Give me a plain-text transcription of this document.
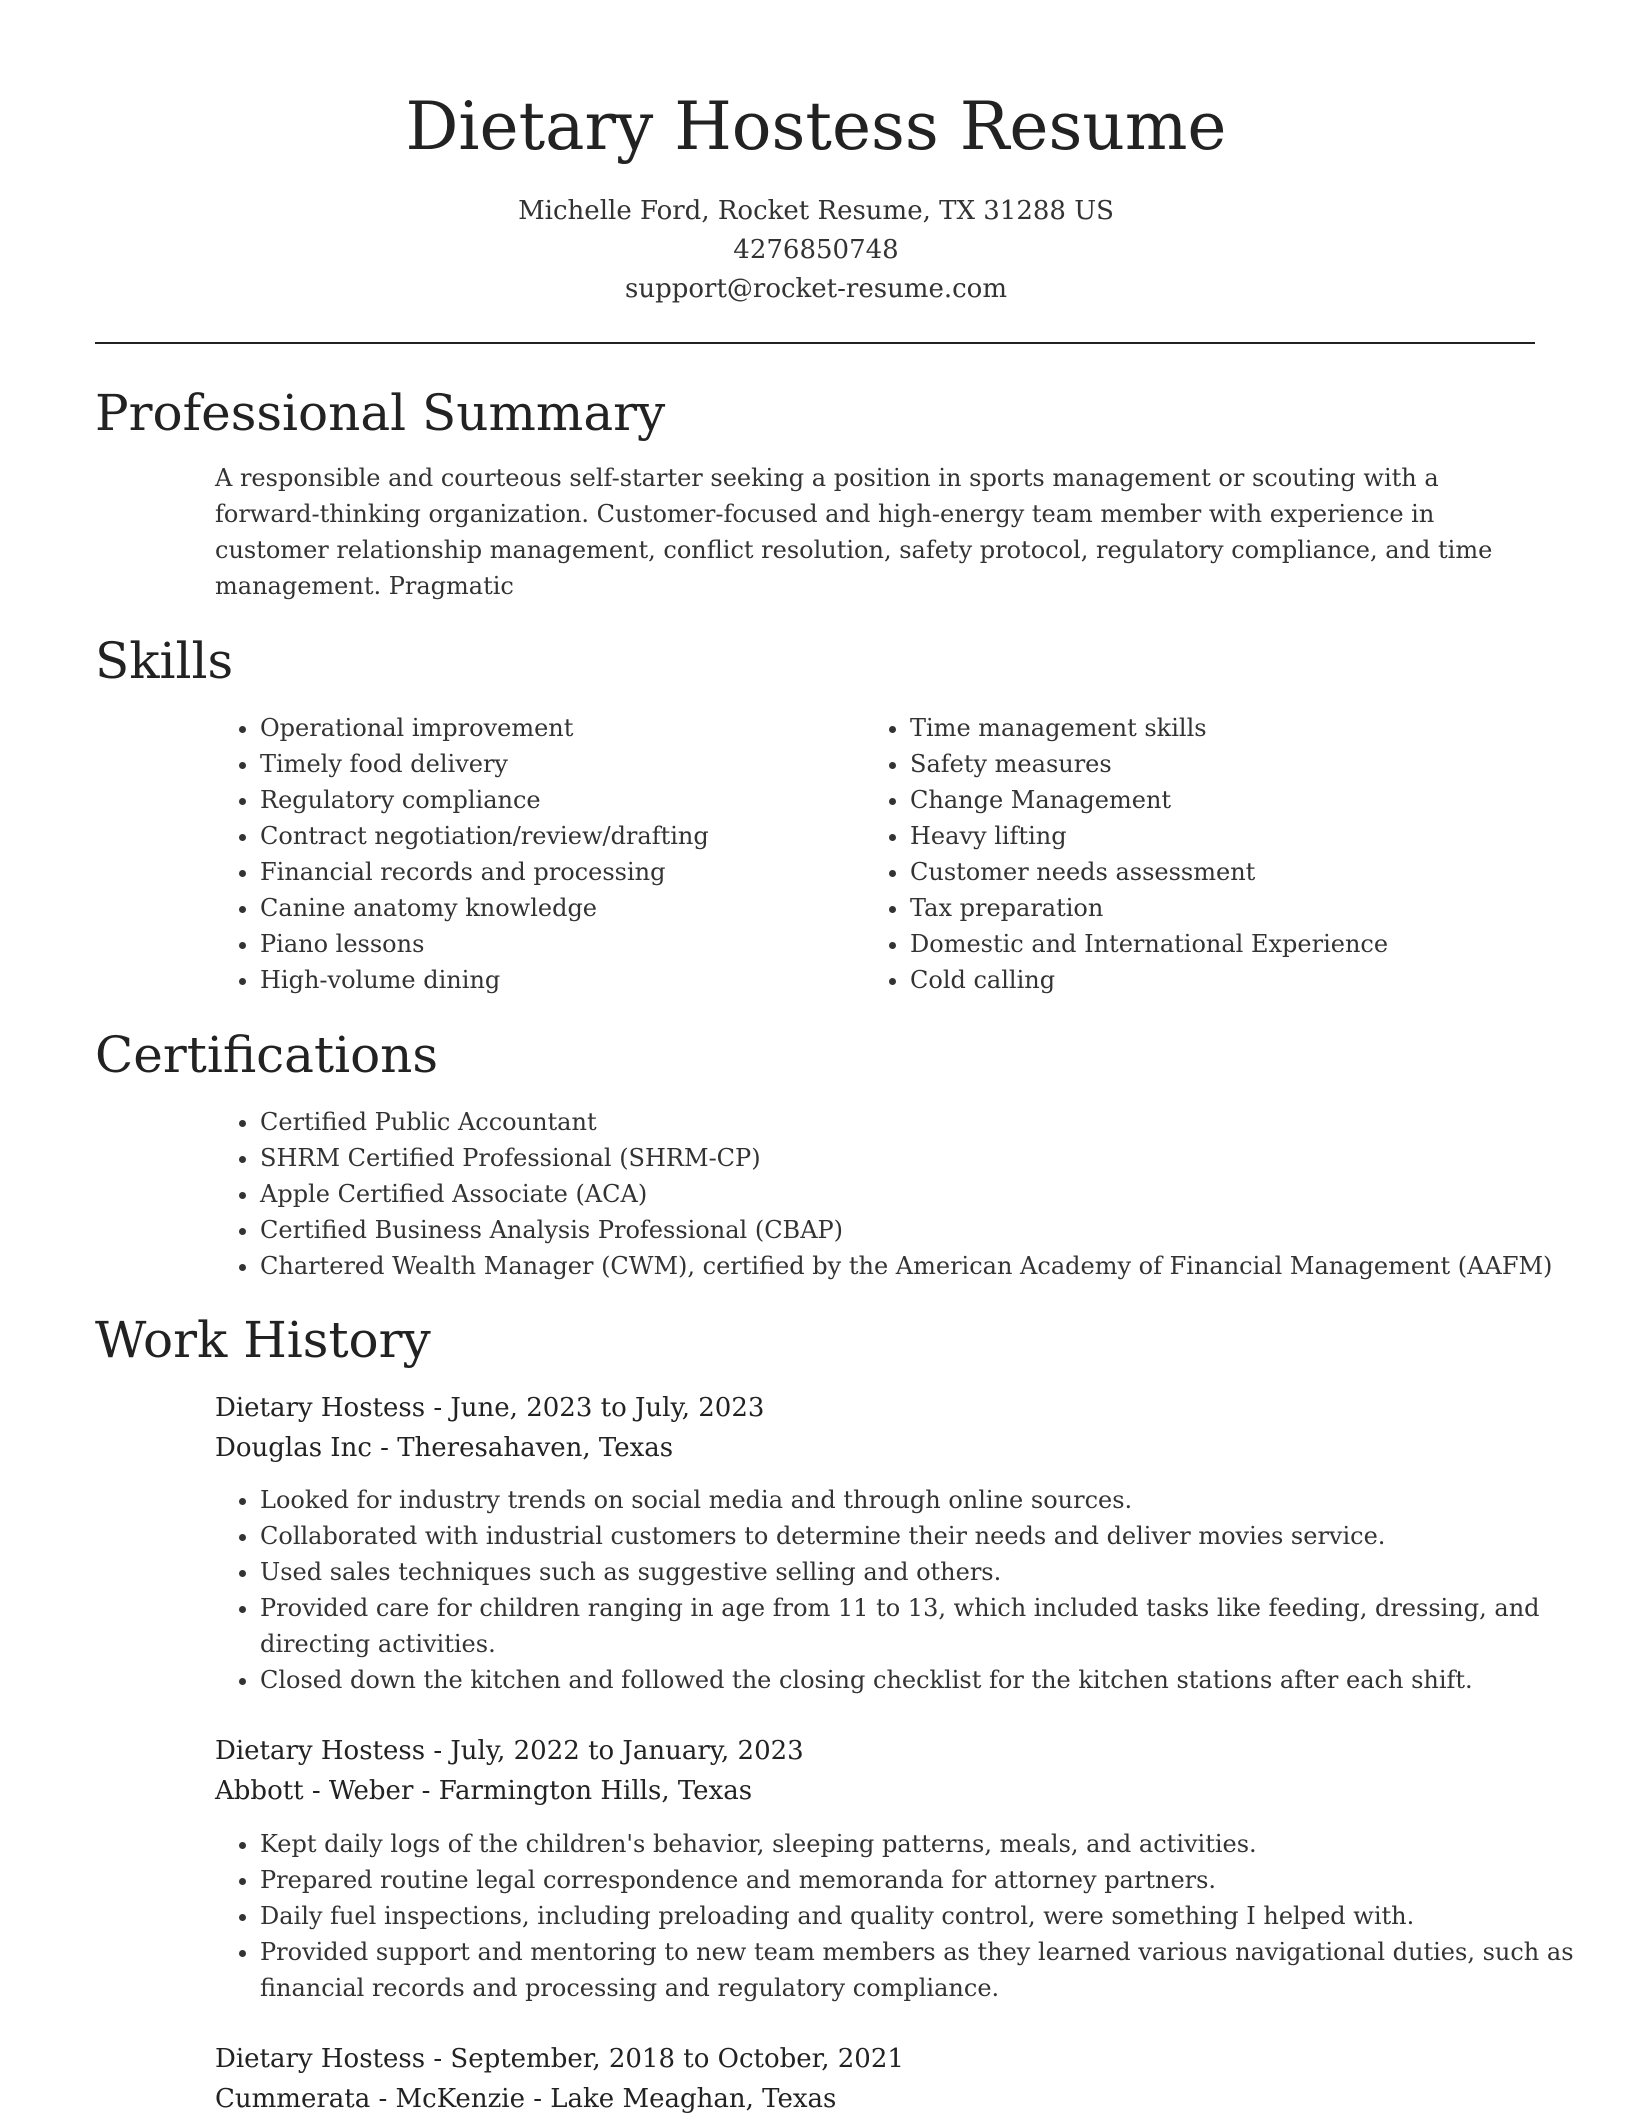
Dietary Hostess Resume
Michelle Ford, Rocket Resume, TX 31288 US
4276850748
support@rocket-resume.com
Professional Summary

A responsible and courteous self-starter seeking a position in sports management or scouting with a forward-thinking organization. Customer-focused and high-energy team member with experience in customer relationship management, conflict resolution, safety protocol, regulatory compliance, and time management. Pragmatic

Skills
• Operational improvement
• Timely food delivery
• Regulatory compliance
• Contract negotiation/review/drafting
• Financial records and processing
• Canine anatomy knowledge
• Piano lessons
• High-volume dining
• Time management skills
• Safety measures
• Change Management
• Heavy lifting
• Customer needs assessment
• Tax preparation
• Domestic and International Experience
• Cold calling
Certifications
• Certified Public Accountant
• SHRM Certified Professional (SHRM-CP)
• Apple Certified Associate (ACA)
• Certified Business Analysis Professional (CBAP)
• Chartered Wealth Manager (CWM), certified by the American Academy of Financial Management (AAFM)
Work History
Dietary Hostess - June, 2023 to July, 2023
Douglas Inc - Theresahaven, Texas
• Looked for industry trends on social media and through online sources.
• Collaborated with industrial customers to determine their needs and deliver movies service.
• Used sales techniques such as suggestive selling and others.
• Provided care for children ranging in age from 11 to 13, which included tasks like feeding, dressing, and directing activities.
• Closed down the kitchen and followed the closing checklist for the kitchen stations after each shift.
Dietary Hostess - July, 2022 to January, 2023
Abbott - Weber - Farmington Hills, Texas
• Kept daily logs of the children's behavior, sleeping patterns, meals, and activities.
• Prepared routine legal correspondence and memoranda for attorney partners.
• Daily fuel inspections, including preloading and quality control, were something I helped with.
• Provided support and mentoring to new team members as they learned various navigational duties, such as financial records and processing and regulatory compliance.
Dietary Hostess - September, 2018 to October, 2021
Cummerata - McKenzie - Lake Meaghan, Texas
